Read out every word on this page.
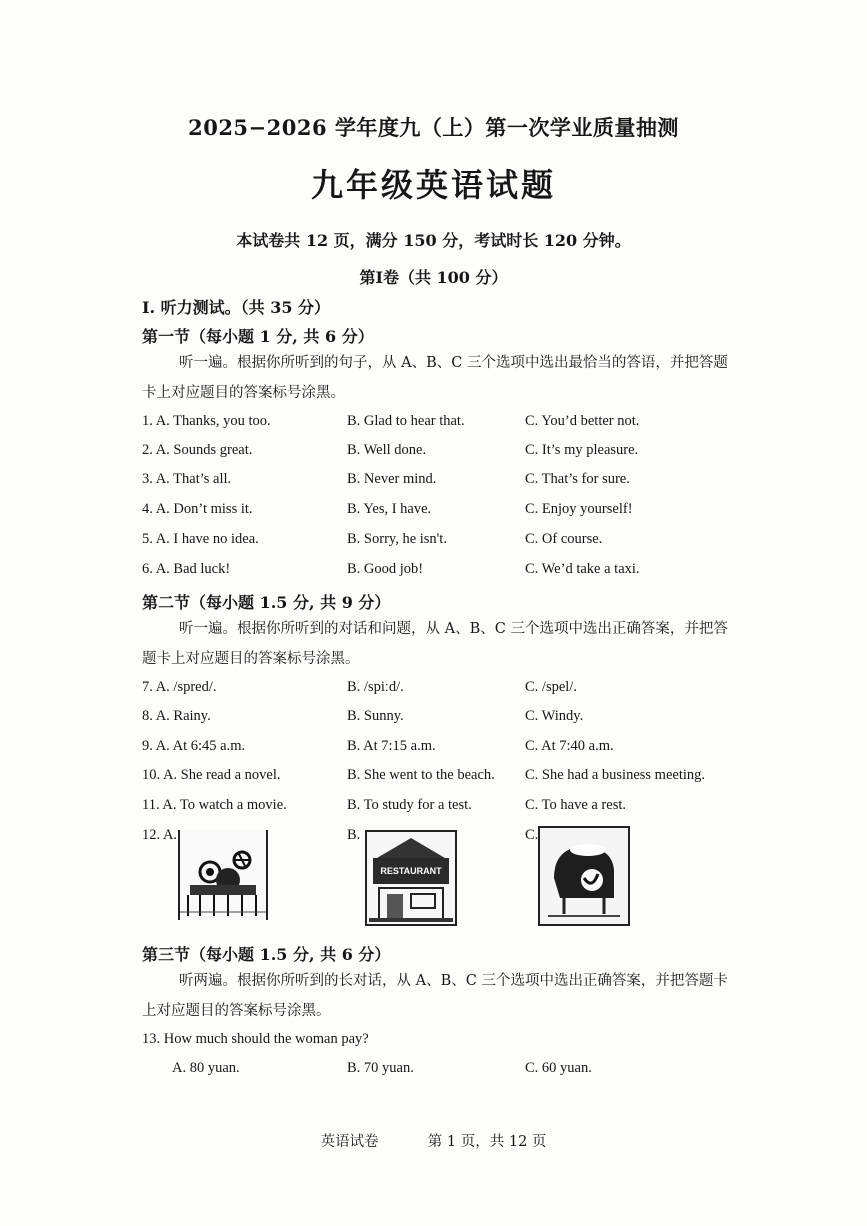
2025−2026 学年度九（上）第一次学业质量抽测
九年级英语试题
本试卷共 12 页，满分 150 分，考试时长 120 分钟。
第Ⅰ卷（共 100 分）
I. 听力测试。（共 35 分）
第一节（每小题 1 分, 共 6 分）
听一遍。根据你所听到的句子，从 A、B、C 三个选项中选出最恰当的答语，并把答题卡上对应题目的答案标号涂黑。
1. A. Thanks, you too.	B. Glad to hear that.	C. You’d better not.
2. A. Sounds great.	B. Well done.	C. It’s my pleasure.
3. A. That’s all.	B. Never mind.	C. That’s for sure.
4. A. Don’t miss it.	B. Yes, I have.	C. Enjoy yourself!
5. A. I have no idea.	B. Sorry, he isn't.	C. Of course.
6. A. Bad luck!	B. Good job!	C. We’d take a taxi.
第二节（每小题 1.5 分, 共 9 分）
听一遍。根据你所听到的对话和问题，从 A、B、C 三个选项中选出正确答案，并把答题卡上对应题目的答案标号涂黑。
7. A. /spred/.	B. /spiːd/.	C. /spel/.
8. A. Rainy.	B. Sunny.	C. Windy.
9. A. At 6:45 a.m.	B. At 7:15 a.m.	C. At 7:40 a.m.
10. A. She read a novel.	B. She went to the beach. C. She had a business meeting.
11. A. To watch a movie.	B. To study for a test.	C. To have a rest.
12. A.	B.	C.
RESTAURANT
第三节（每小题 1.5 分, 共 6 分）
听两遍。根据你所听到的长对话，从 A、B、C 三个选项中选出正确答案，并把答题卡上对应题目的答案标号涂黑。
13. How much should the woman pay?
A. 80 yuan.	B. 70 yuan.	C. 60 yuan.
英语试卷	第 1 页，共 12 页
